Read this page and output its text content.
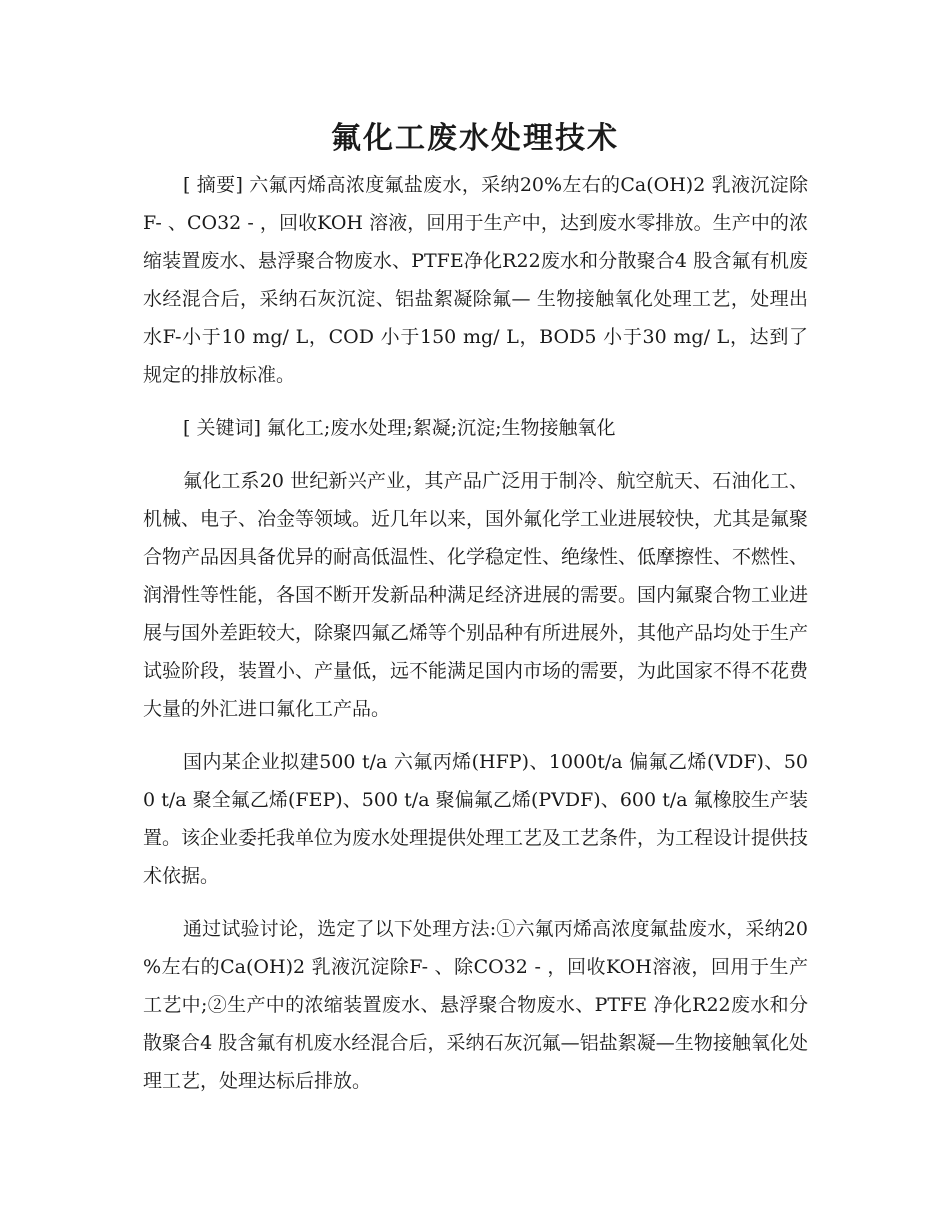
氟化工废水处理技术

[ 摘要] 六氟丙烯高浓度氟盐废水，采纳20%左右的Ca(OH)2 乳液沉淀除F- 、CO32 - ，回收KOH 溶液，回用于生产中，达到废水零排放。生产中的浓缩装置废水、悬浮聚合物废水、PTFE净化R22废水和分散聚合4 股含氟有机废水经混合后，采纳石灰沉淀、铝盐絮凝除氟— 生物接触氧化处理工艺，处理出水F-小于10 mg/ L，COD 小于150 mg/ L，BOD5 小于30 mg/ L，达到了规定的排放标准。

[ 关键词] 氟化工;废水处理;絮凝;沉淀;生物接触氧化

氟化工系20 世纪新兴产业，其产品广泛用于制冷、航空航天、石油化工、机械、电子、冶金等领域。近几年以来，国外氟化学工业进展较快，尤其是氟聚合物产品因具备优异的耐高低温性、化学稳定性、绝缘性、低摩擦性、不燃性、润滑性等性能，各国不断开发新品种满足经济进展的需要。国内氟聚合物工业进展与国外差距较大，除聚四氟乙烯等个别品种有所进展外，其他产品均处于生产试验阶段，装置小、产量低，远不能满足国内市场的需要，为此国家不得不花费大量的外汇进口氟化工产品。

国内某企业拟建500 t/a 六氟丙烯(HFP)、1000t/a 偏氟乙烯(VDF)、500 t/a 聚全氟乙烯(FEP)、500 t/a 聚偏氟乙烯(PVDF)、600 t/a 氟橡胶生产装置。该企业委托我单位为废水处理提供处理工艺及工艺条件，为工程设计提供技术依据。

通过试验讨论，选定了以下处理方法:①六氟丙烯高浓度氟盐废水，采纳20 %左右的Ca(OH)2 乳液沉淀除F- 、除CO32 - ，回收KOH溶液，回用于生产工艺中;②生产中的浓缩装置废水、悬浮聚合物废水、PTFE 净化R22废水和分散聚合4 股含氟有机废水经混合后，采纳石灰沉氟—铝盐絮凝—生物接触氧化处理工艺，处理达标后排放。
